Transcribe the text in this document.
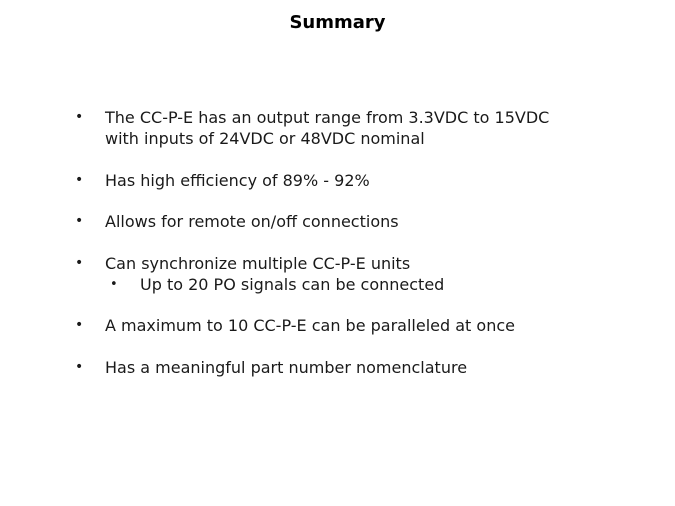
Summary
• The CC-P-E has an output range from 3.3VDC to 15VDC
with inputs of 24VDC or 48VDC nominal
• Has high efficiency of 89% - 92%
• Allows for remote on/off connections
• Can synchronize multiple CC-P-E units
• Up to 20 PO signals can be connected
• A maximum to 10 CC-P-E can be paralleled at once
• Has a meaningful part number nomenclature
